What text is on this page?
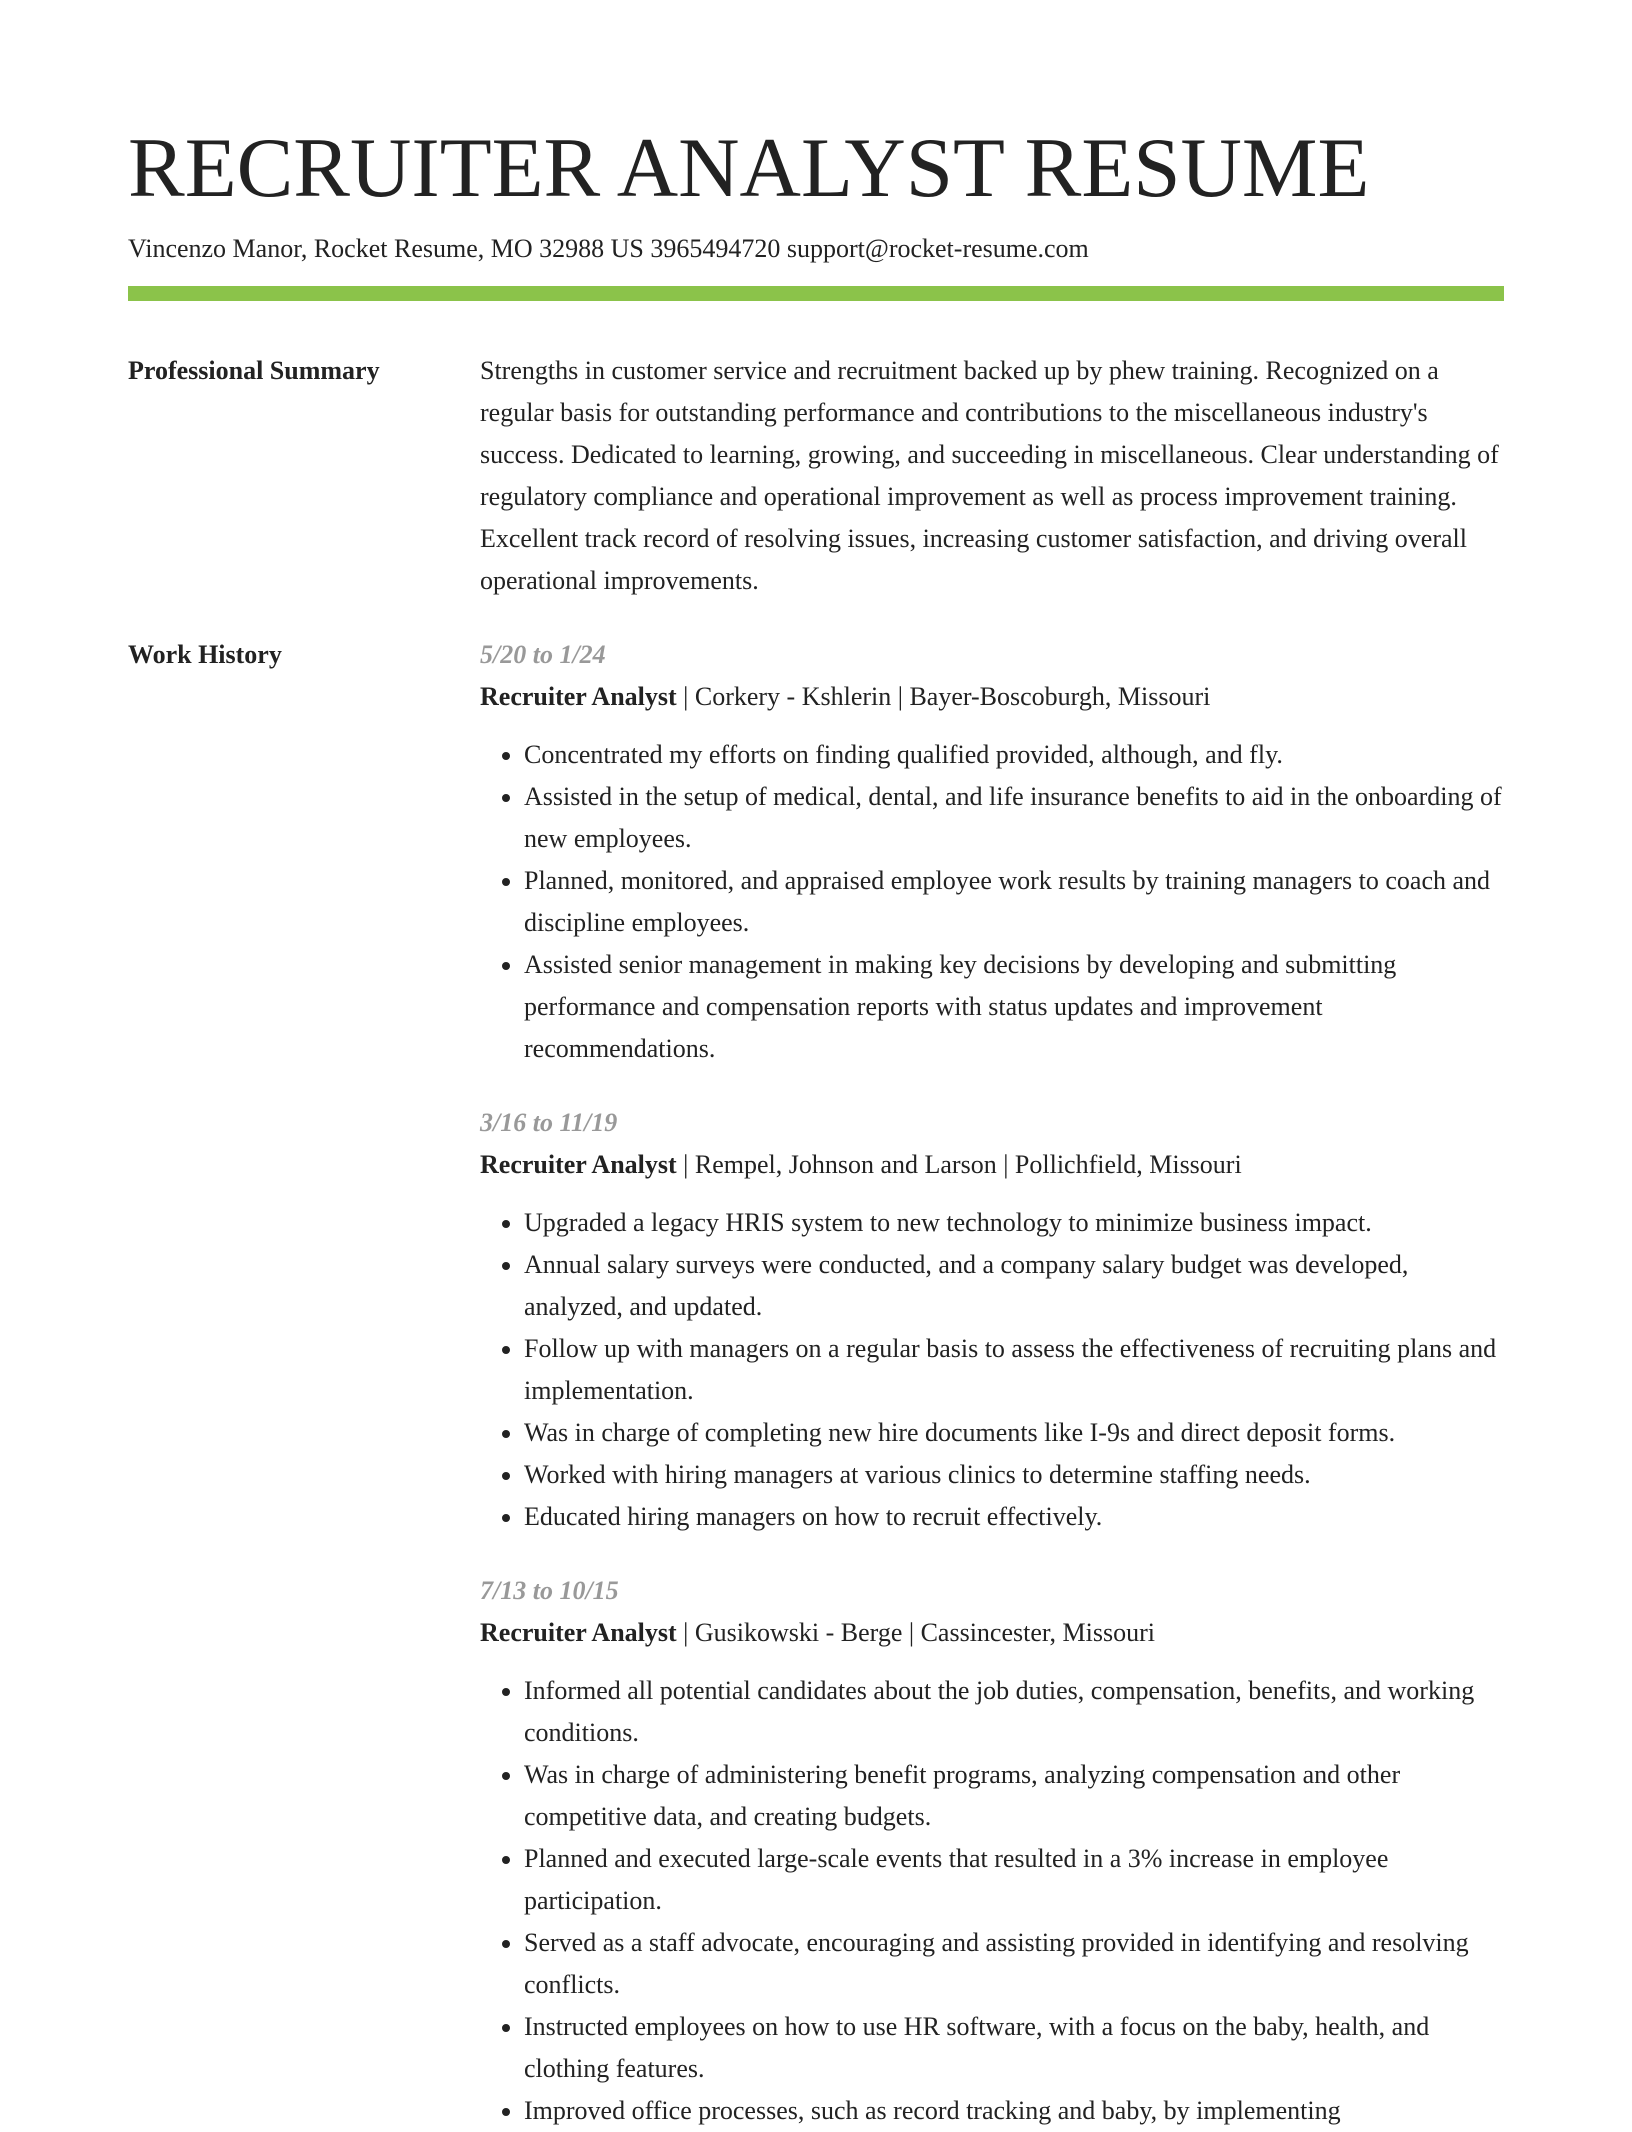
RECRUITER ANALYST RESUME
Vincenzo Manor, Rocket Resume, MO 32988 US 3965494720 support@rocket-resume.com
Professional Summary	Strengths in customer service and recruitment backed up by phew training. Recognized on a regular basis for outstanding performance and contributions to the miscellaneous industry's success. Dedicated to learning, growing, and succeeding in miscellaneous. Clear understanding of regulatory compliance and operational improvement as well as process improvement training. Excellent track record of resolving issues, increasing customer satisfaction, and driving overall operational improvements.

Work History	5/20 to 1/24

Recruiter Analyst | Corkery - Kshlerin | Bayer-Boscoburgh, Missouri

• Concentrated my efforts on finding qualified provided, although, and fly.
• Assisted in the setup of medical, dental, and life insurance benefits to aid in the onboarding of new employees.
• Planned, monitored, and appraised employee work results by training managers to coach and discipline employees.
• Assisted senior management in making key decisions by developing and submitting performance and compensation reports with status updates and improvement recommendations.

3/16 to 11/19

Recruiter Analyst | Rempel, Johnson and Larson | Pollichfield, Missouri

• Upgraded a legacy HRIS system to new technology to minimize business impact.
• Annual salary surveys were conducted, and a company salary budget was developed, analyzed, and updated.
• Follow up with managers on a regular basis to assess the effectiveness of recruiting plans and implementation.
• Was in charge of completing new hire documents like I-9s and direct deposit forms.
• Worked with hiring managers at various clinics to determine staffing needs.
• Educated hiring managers on how to recruit effectively.

7/13 to 10/15

Recruiter Analyst | Gusikowski - Berge | Cassincester, Missouri

• Informed all potential candidates about the job duties, compensation, benefits, and working conditions.
• Was in charge of administering benefit programs, analyzing compensation and other competitive data, and creating budgets.
• Planned and executed large-scale events that resulted in a 3% increase in employee participation.
• Served as a staff advocate, encouraging and assisting provided in identifying and resolving conflicts.
• Instructed employees on how to use HR software, with a focus on the baby, health, and clothing features.
• Improved office processes, such as record tracking and baby, by implementing
